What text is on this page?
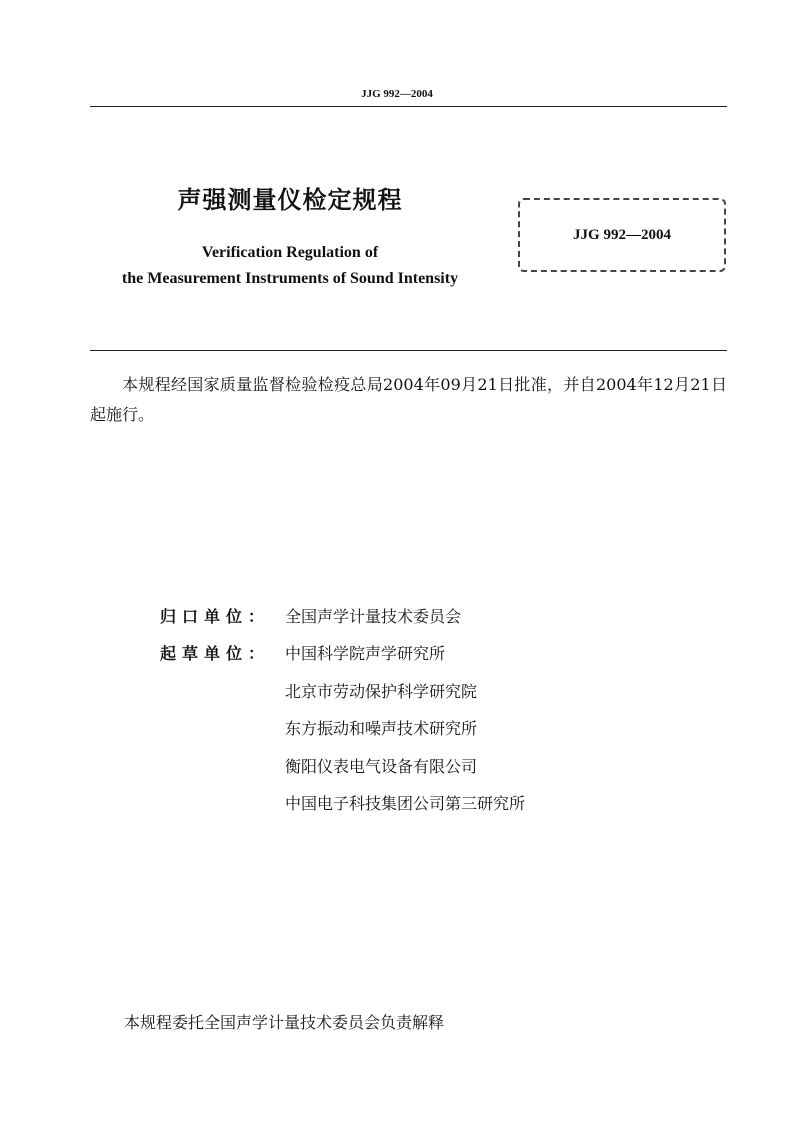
JJG 992—2004
声强测量仪检定规程
Verification Regulation of
the Measurement Instruments of Sound Intensity
JJG 992—2004
本规程经国家质量监督检验检疫总局2004年09月21日批准，并自2004年12月21日起施行。
归口单位： 全国声学计量技术委员会
起草单位： 中国科学院声学研究所
北京市劳动保护科学研究院
东方振动和噪声技术研究所
衡阳仪表电气设备有限公司
中国电子科技集团公司第三研究所
本规程委托全国声学计量技术委员会负责解释
